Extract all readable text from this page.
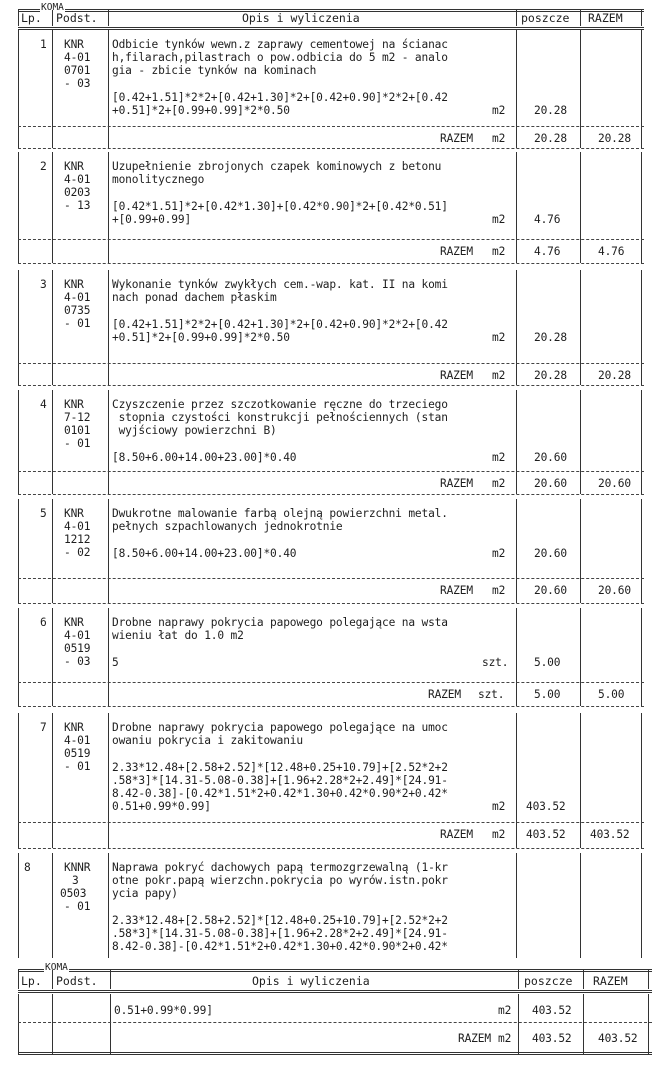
KOMA
Lp. Podst.	Opis i wyliczenia	poszcze RAZEM
1 KNR
4-01
0701
- 03
Odbicie tynków wewn.z zaprawy cementowej na ścianac
h,filarach,pilastrach o pow.odbicia do 5 m2 - analo
gia - zbicie tynków na kominach
[0.42+1.51]*2*2+[0.42+1.30]*2+[0.42+0.90]*2*2+[0.42
+0.51]*2+[0.99+0.99]*2*0.50	m2	20.28
RAZEM m2	20.28	20.28
2 KNR
4-01
0203
- 13
Uzupełnienie zbrojonych czapek kominowych z betonu
monolitycznego
[0.42*1.51]*2+[0.42*1.30]+[0.42*0.90]*2+[0.42*0.51]
+[0.99+0.99]	m2	4.76
RAZEM m2	4.76	4.76
3 KNR
4-01
0735
- 01
Wykonanie tynków zwykłych cem.-wap. kat. II na komi
nach ponad dachem płaskim
[0.42+1.51]*2*2+[0.42+1.30]*2+[0.42+0.90]*2*2+[0.42
+0.51]*2+[0.99+0.99]*2*0.50	m2	20.28
RAZEM m2	20.28	20.28
4 KNR
7-12
0101
- 01
Czyszczenie przez szczotkowanie ręczne do trzeciego
stopnia czystości konstrukcji pełnościennych (stan
wyjściowy powierzchni B)
[8.50+6.00+14.00+23.00]*0.40	m2	20.60
RAZEM m2	20.60	20.60
5 KNR
4-01
1212
- 02
Dwukrotne malowanie farbą olejną powierzchni metal.
pełnych szpachlowanych jednokrotnie
[8.50+6.00+14.00+23.00]*0.40	m2	20.60
RAZEM m2	20.60	20.60
6 KNR
4-01
0519
- 03
Drobne naprawy pokrycia papowego polegające na wsta
wieniu łat do 1.0 m2
5	szt. 5.00
RAZEM szt.	5.00	5.00
7 KNR
4-01
0519
- 01
Drobne naprawy pokrycia papowego polegające na umoc
owaniu pokrycia i zakitowaniu
2.33*12.48+[2.58+2.52]*[12.48+0.25+10.79]+[2.52*2+2
.58*3]*[14.31-5.08-0.38]+[1.96+2.28*2+2.49]*[24.91-
8.42-0.38]-[0.42*1.51*2+0.42*1.30+0.42*0.90*2+0.42*
0.51+0.99*0.99]	m2 403.52
RAZEM m2 403.52 403.52
8	KNNR
3
0503
- 01
Naprawa pokryć dachowych papą termozgrzewalną (1-kr
otne pokr.papą wierzchn.pokrycia po wyrów.istn.pokr
ycia papy)
2.33*12.48+[2.58+2.52]*[12.48+0.25+10.79]+[2.52*2+2
.58*3]*[14.31-5.08-0.38]+[1.96+2.28*2+2.49]*[24.91-
8.42-0.38]-[0.42*1.51*2+0.42*1.30+0.42*0.90*2+0.42*
KOMA
Lp. Podst.	Opis i wyliczenia	poszcze RAZEM
0.51+0.99*0.99]	m2 403.52
RAZEM m2 403.52 403.52
